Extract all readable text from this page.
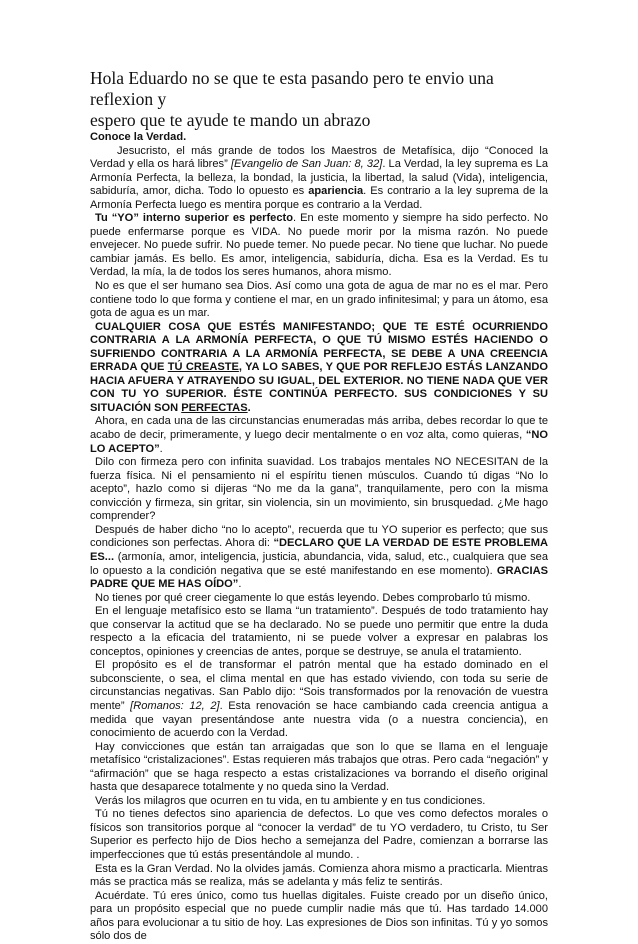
Hola Eduardo no se que te esta pasando pero te envio una reflexion y
espero que te ayude te mando un abrazo

Conoce la Verdad.

Jesucristo, el más grande de todos los Maestros de Metafísica, dijo “Conoced la Verdad y ella os hará libres” [Evangelio de San Juan: 8, 32]. La Verdad, la ley suprema es La Armonía Perfecta, la belleza, la bondad, la justicia, la libertad, la salud (Vida), inteligencia, sabiduría, amor, dicha. Todo lo opuesto es apariencia. Es contrario a la ley suprema de la Armonía Perfecta luego es mentira porque es contrario a la Verdad.

Tu “YO” interno superior es perfecto. En este momento y siempre ha sido perfecto. No puede enfermarse porque es VIDA. No puede morir por la misma razón. No puede envejecer. No puede sufrir. No puede temer. No puede pecar. No tiene que luchar. No puede cambiar jamás. Es bello. Es amor, inteligencia, sabiduría, dicha. Esa es la Verdad. Es tu Verdad, la mía, la de todos los seres humanos, ahora mismo.

No es que el ser humano sea Dios. Así como una gota de agua de mar no es el mar. Pero contiene todo lo que forma y contiene el mar, en un grado infinitesimal; y para un átomo, esa gota de agua es un mar.

CUALQUIER COSA QUE ESTÉS MANIFESTANDO; QUE TE ESTÉ OCURRIENDO CONTRARIA A LA ARMONÍA PERFECTA, O QUE TÚ MISMO ESTÉS HACIENDO O SUFRIENDO CONTRARIA A LA ARMONÍA PERFECTA, SE DEBE A UNA CREENCIA ERRADA QUE TÚ CREASTE, YA LO SABES, Y QUE POR REFLEJO ESTÁS LANZANDO HACIA AFUERA Y ATRAYENDO SU IGUAL, DEL EXTERIOR. NO TIENE NADA QUE VER CON TU YO SUPERIOR. ÉSTE CONTINÚA PERFECTO. SUS CONDICIONES Y SU SITUACIÓN SON PERFECTAS.

Ahora, en cada una de las circunstancias enumeradas más arriba, debes recordar lo que te acabo de decir, primeramente, y luego decir mentalmente o en voz alta, como quieras, “NO LO ACEPTO”.

Dilo con firmeza pero con infinita suavidad. Los trabajos mentales NO NECESITAN de la fuerza física. Ni el pensamiento ni el espíritu tienen músculos. Cuando tú digas “No lo acepto”, hazlo como si dijeras “No me da la gana”, tranquilamente, pero con la misma convicción y firmeza, sin gritar, sin violencia, sin un movimiento, sin brusquedad. ¿Me hago comprender?

Después de haber dicho “no lo acepto”, recuerda que tu YO superior es perfecto; que sus condiciones son perfectas. Ahora di: “DECLARO QUE LA VERDAD DE ESTE PROBLEMA ES... (armonía, amor, inteligencia, justicia, abundancia, vida, salud, etc., cualquiera que sea lo opuesto a la condición negativa que se esté manifestando en ese momento). GRACIAS PADRE QUE ME HAS OÍDO”.

No tienes por qué creer ciegamente lo que estás leyendo. Debes comprobarlo tú mismo.

En el lenguaje metafísico esto se llama “un tratamiento”. Después de todo tratamiento hay que conservar la actitud que se ha declarado. No se puede uno permitir que entre la duda respecto a la eficacia del tratamiento, ni se puede volver a expresar en palabras los conceptos, opiniones y creencias de antes, porque se destruye, se anula el tratamiento.

El propósito es el de transformar el patrón mental que ha estado dominado en el subconsciente, o sea, el clima mental en que has estado viviendo, con toda su serie de circunstancias negativas. San Pablo dijo: “Sois transformados por la renovación de vuestra mente” [Romanos: 12, 2]. Esta renovación se hace cambiando cada creencia antigua a medida que vayan presentándose ante nuestra vida (o a nuestra conciencia), en conocimiento de acuerdo con la Verdad.

Hay convicciones que están tan arraigadas que son lo que se llama en el lenguaje metafísico “cristalizaciones”. Estas requieren más trabajos que otras. Pero cada “negación” y “afirmación” que se haga respecto a estas cristalizaciones va borrando el diseño original hasta que desaparece totalmente y no queda sino la Verdad.

Verás los milagros que ocurren en tu vida, en tu ambiente y en tus condiciones.

Tú no tienes defectos sino apariencia de defectos. Lo que ves como defectos morales o físicos son transitorios porque al “conocer la verdad” de tu YO verdadero, tu Cristo, tu Ser Superior es perfecto hijo de Dios hecho a semejanza del Padre, comienzan a borrarse las imperfecciones que tú estás presentándole al mundo. .

Esta es la Gran Verdad. No la olvides jamás. Comienza ahora mismo a practicarla. Mientras más se practica más se realiza, más se adelanta y más feliz te sentirás.

Acuérdate. Tú eres único, como tus huellas digitales. Fuiste creado por un diseño único, para un propósito especial que no puede cumplir nadie más que tú. Has tardado 14.000 años para evolucionar a tu sitio de hoy. Las expresiones de Dios son infinitas. Tú y yo somos sólo dos de
